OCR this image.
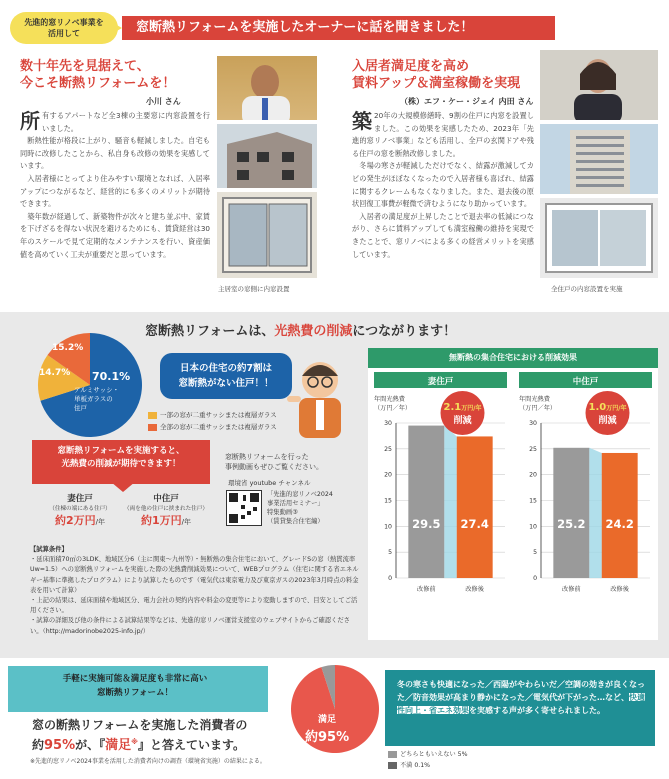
先進的窓リノベ事業を
活用して	窓断熱リフォームを実施したオーナーに話を聞きました！
数十年先を見据えて、
今こそ断熱リフォームを！
小川 さん
所有するアパートなど全3棟の主要窓に内窓設置を行いました。
　断熱性能が格段に上がり、騒音も軽減しました。自宅も同時に改修したことから、私自身も改修の効果を実感しています。
　入居者様にとってより住みやすい環境となれば、入居率アップにつながるなど、経営的にも多くのメリットが期待できます。
　築年数が経過して、新築物件が次々と建ち並ぶ中、家賃を下げざるを得ない状況を避けるためにも、賃貸経営は30年のスケールで見て定期的なメンテナンスを行い、資産価値を高めていく工夫が重要だと思っています。
主居室の窓側に内窓設置
入居者満足度を高め
賃料アップ＆満室稼働を実現
（株）エフ・ケー・ジェイ 内田 さん
築 20年の大規模修繕時、9割の住戸に内窓を設置しました。この効果を実感したため、2023年「先進的窓リノベ事業」なども活用し、全戸の玄関ドアや残る住戸の窓を断熱改修しました。
　冬場の寒さが軽減しただけでなく、結露が激減してカビの発生がほぼなくなったので入居者様も喜ばれ、結露に関するクレームもなくなりました。また、退去後の原状回復工事費が軽微で済むようになり助かっています。
　入居者の満足度が上昇したことで退去率の低減につながり、さらに賃料アップしても満室稼働の維持を実現できたことで、窓リノベによる多くの経営メリットを実感しています。
全住戸の内窓設置を実施
窓断熱リフォームは、光熱費の削減につながります！
70.1%
アルミサッシ・
単板ガラスの
住戸
14.7%
15.2%
日本の住宅の約7割は
窓断熱がない住戸！！
一部の窓が二重サッシまたは複層ガラス
全部の窓が二重サッシまたは複層ガラス
窓断熱リフォームを実施すると、
光熱費の削減が期待できます！
妻住戸
（住棟の端にある住戸）
約2万円/年
中住戸
（両を他の住戸に挟まれた住戸）
約1万円/年
窓断熱リフォームを行った
事例動画もぜひご覧ください。
環境省 youtube チャンネル
「先進的窓リノベ2024
事業活用セミナー」
特集動画③
（賃貸集合住宅編）
【試算条件】
・延床面積70㎡の3LDK、地域区分6（主に関東～九州等）・無断熱の集合住宅において、グレードSの窓（熱貫流率Uw=1.5）への窓断熱リフォームを実施した際の光熱費削減効果について、WEBプログラム（住宅に関する省エネルギー基準に準拠したプログラム）により試算したものです（電気代は東京電力及び東京ガスの2023年3月時点の料金表を用いて計算）
・上記の結果は、延床面積や地域区分、電力会社の契約内容や料金の変更等により変動しますので、目安としてご活用ください。
・試算の詳細及び他の条件による試算結果等などは、先進的窓リノベ運営支援室のウェブサイトからご確認ください。（http://madorinobe2025-info.jp/）
無断熱の集合住宅における削減効果
妻住戸
年間光熱費
（万円／年）
0
5
10
15
20
25
30
29.5
改修前
27.4
改修後
2.1万円/年
削減
中住戸
年間光熱費
（万円／年）
0
5
10
15
20
25
30
25.2
改修前
24.2
改修後
1.0万円/年
削減
手軽に実施可能＆満足度も非常に高い
窓断熱リフォーム！
窓の断熱リフォームを実施した消費者の
約95%が、『満足※』と答えています。
※先進的窓リノベ2024事業を活用した消費者向けの調査（環境省実施）の結果による。
満足
約95%
冬の寒さも快適になった／西陽がやわらいだ／空調の効きが良くなった／防音効果が高まり静かになった／電気代が下がった…など、快適性向上・省エネ効果を実感する声が多く寄せられました。
どちらともいえない 5%
不満 0.1%
